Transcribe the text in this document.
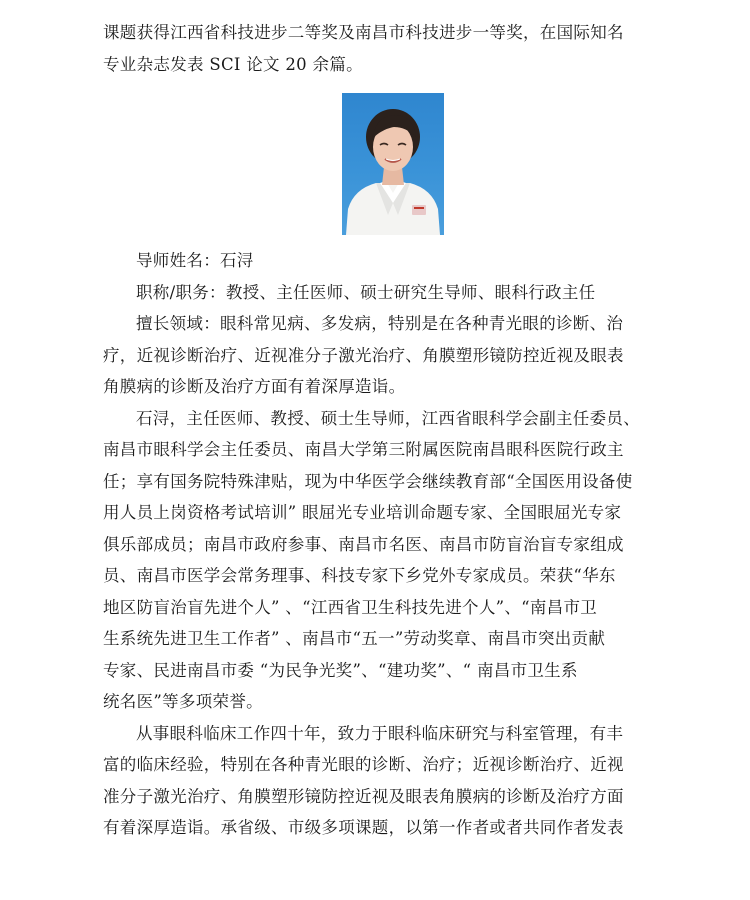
课题获得江西省科技进步二等奖及南昌市科技进步一等奖，在国际知名
专业杂志发表 SCI 论文 20 余篇。

导师姓名：石浔
职称/职务：教授、主任医师、硕士研究生导师、眼科行政主任
擅长领域：眼科常见病、多发病，特别是在各种青光眼的诊断、治
疗，近视诊断治疗、近视准分子激光治疗、角膜塑形镜防控近视及眼表
角膜病的诊断及治疗方面有着深厚造诣。
石浔，主任医师、教授、硕士生导师，江西省眼科学会副主任委员、
南昌市眼科学会主任委员、南昌大学第三附属医院南昌眼科医院行政主
任；享有国务院特殊津贴，现为中华医学会继续教育部“全国医用设备使
用人员上岗资格考试培训” 眼屈光专业培训命题专家、全国眼屈光专家
俱乐部成员；南昌市政府参事、南昌市名医、南昌市防盲治盲专家组成
员、南昌市医学会常务理事、科技专家下乡党外专家成员。荣获“华东
地区防盲治盲先进个人” 、“江西省卫生科技先进个人”、“南昌市卫
生系统先进卫生工作者” 、南昌市“五一”劳动奖章、南昌市突出贡献
专家、民进南昌市委 “为民争光奖”、“建功奖”、“ 南昌市卫生系
统名医”等多项荣誉。
从事眼科临床工作四十年，致力于眼科临床研究与科室管理，有丰
富的临床经验，特别在各种青光眼的诊断、治疗；近视诊断治疗、近视
准分子激光治疗、角膜塑形镜防控近视及眼表角膜病的诊断及治疗方面
有着深厚造诣。承省级、市级多项课题，以第一作者或者共同作者发表
